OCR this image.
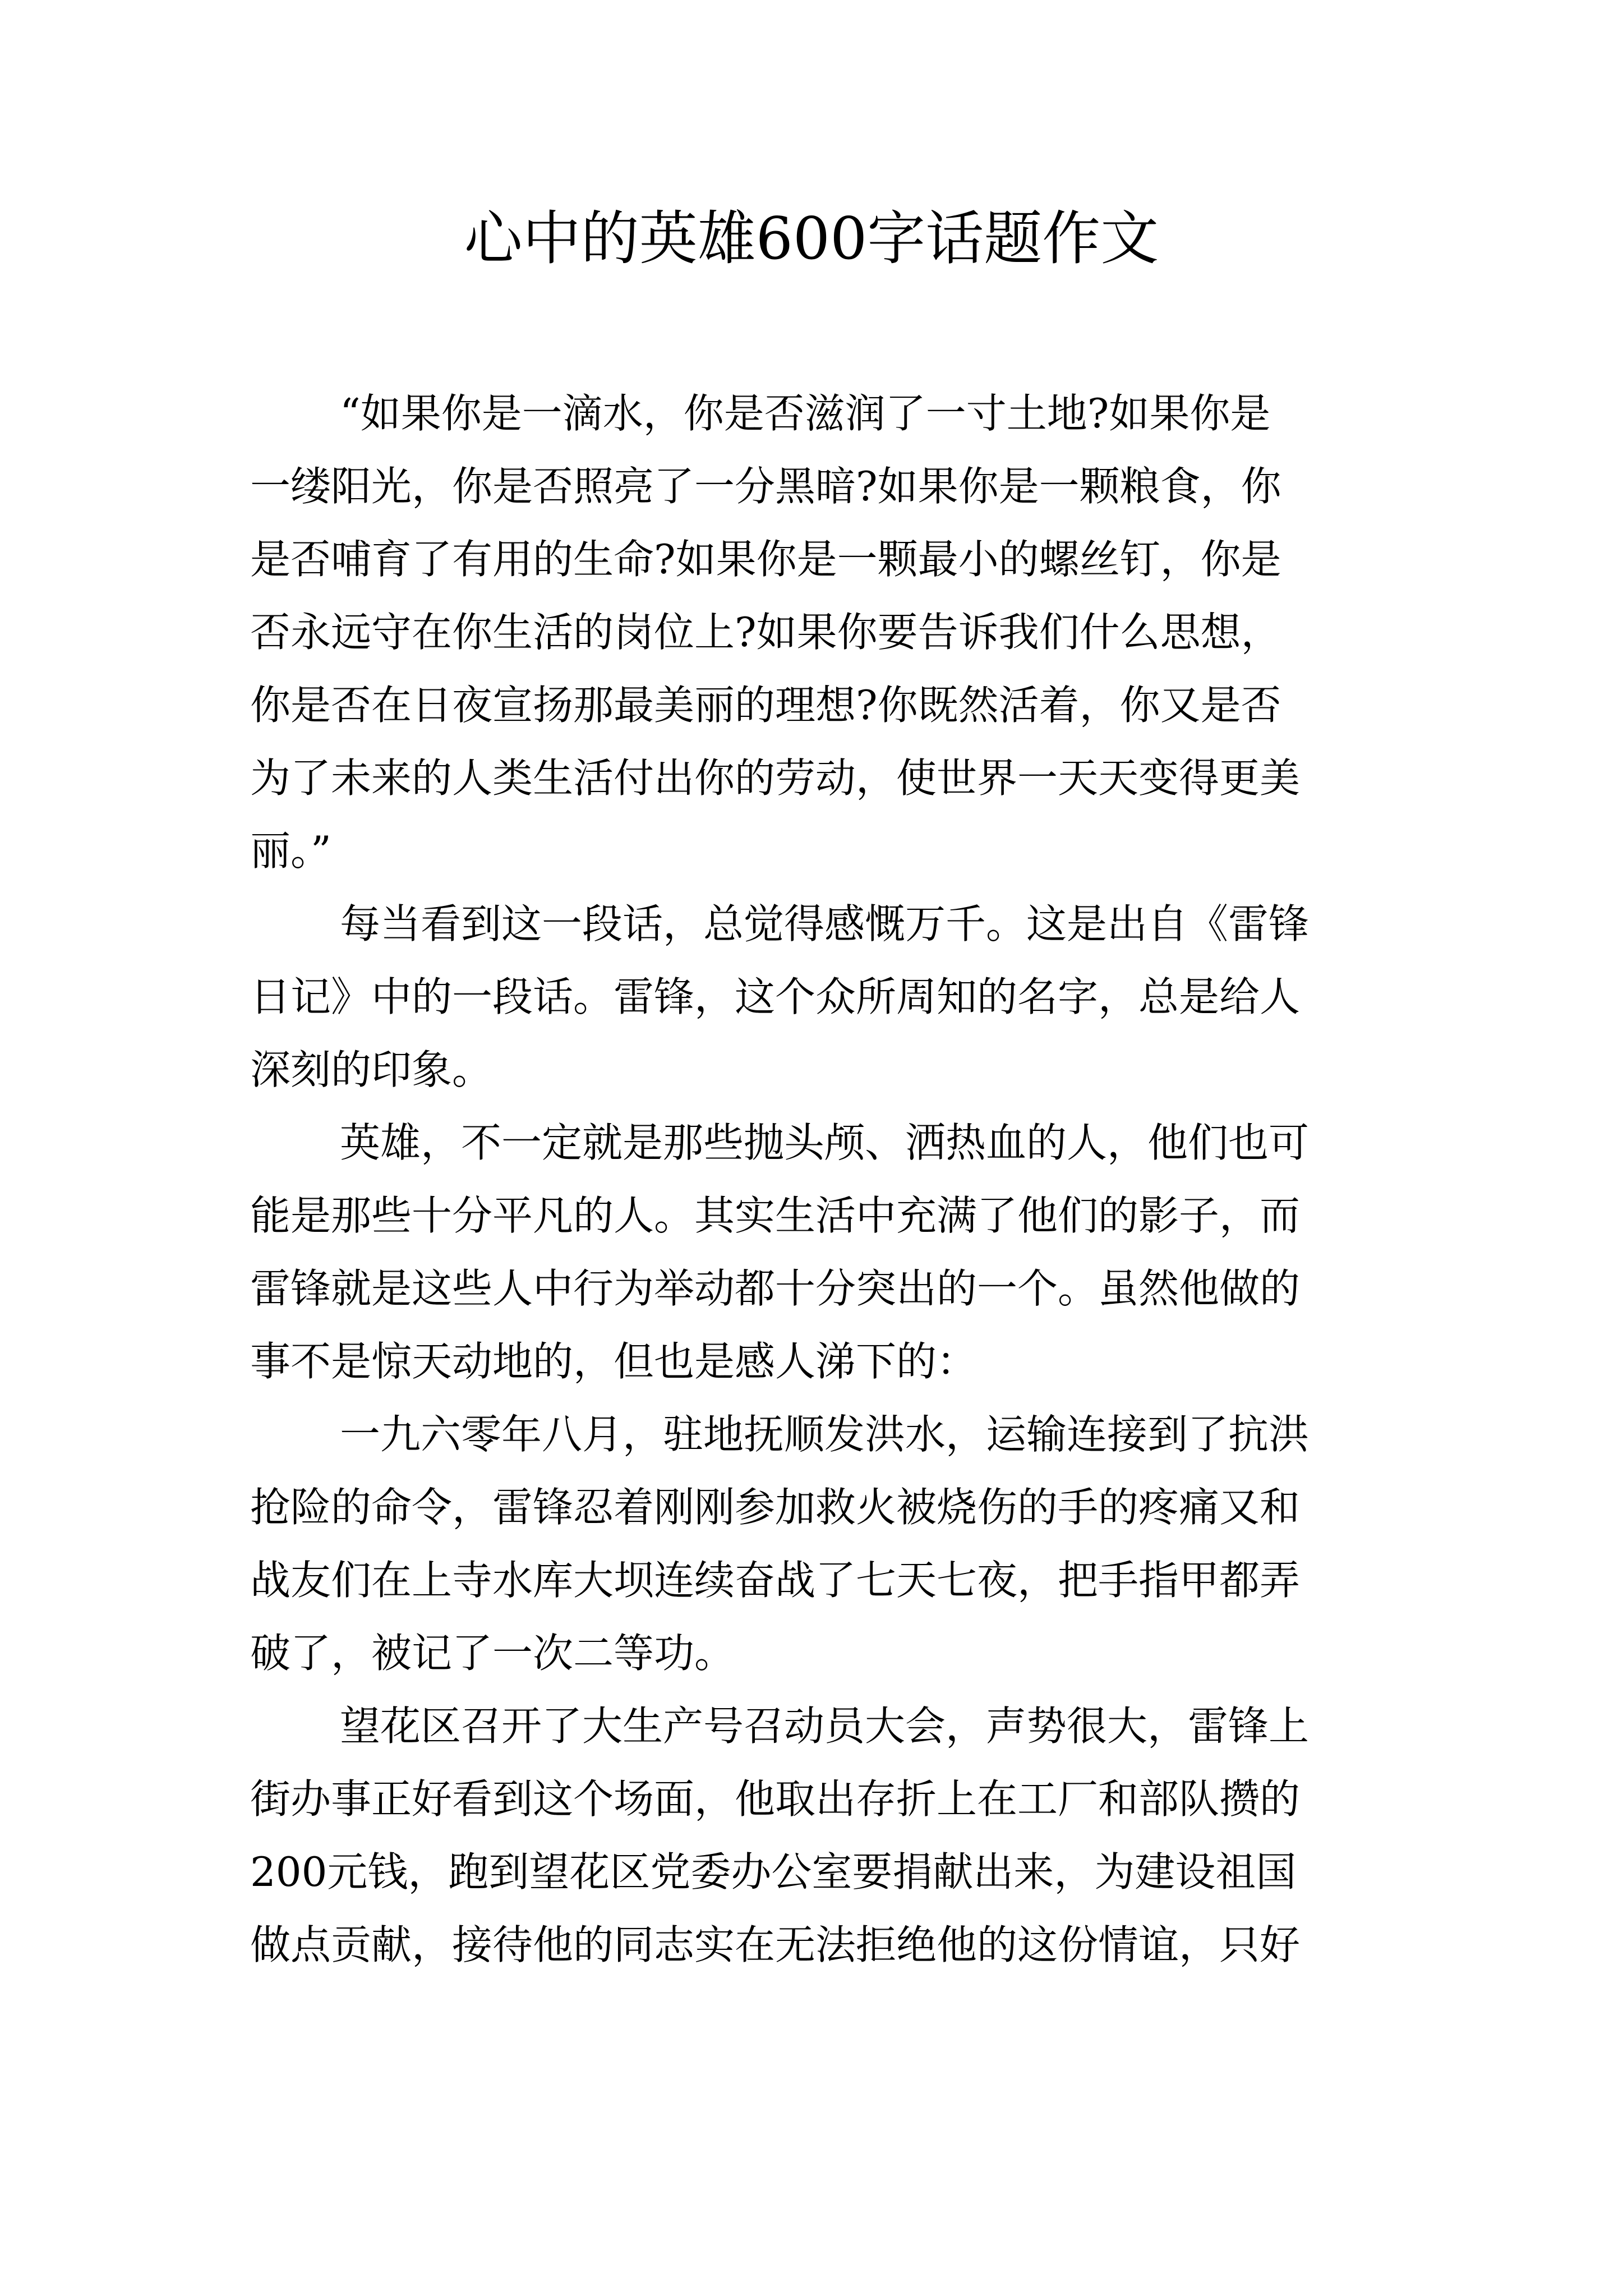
心中的英雄600字话题作文
“如果你是一滴水，你是否滋润了一寸土地?如果你是
一缕阳光，你是否照亮了一分黑暗?如果你是一颗粮食，你
是否哺育了有用的生命?如果你是一颗最小的螺丝钉，你是
否永远守在你生活的岗位上?如果你要告诉我们什么思想，
你是否在日夜宣扬那最美丽的理想?你既然活着，你又是否
为了未来的人类生活付出你的劳动，使世界一天天变得更美
丽。”
每当看到这一段话，总觉得感慨万千。这是出自《雷锋
日记》中的一段话。雷锋，这个众所周知的名字，总是给人
深刻的印象。
英雄，不一定就是那些抛头颅、洒热血的人，他们也可
能是那些十分平凡的人。其实生活中充满了他们的影子，而
雷锋就是这些人中行为举动都十分突出的一个。虽然他做的
事不是惊天动地的，但也是感人涕下的：
一九六零年八月，驻地抚顺发洪水，运输连接到了抗洪
抢险的命令，雷锋忍着刚刚参加救火被烧伤的手的疼痛又和
战友们在上寺水库大坝连续奋战了七天七夜，把手指甲都弄
破了，被记了一次二等功。
望花区召开了大生产号召动员大会，声势很大，雷锋上
街办事正好看到这个场面，他取出存折上在工厂和部队攒的
200元钱，跑到望花区党委办公室要捐献出来，为建设祖国
做点贡献，接待他的同志实在无法拒绝他的这份情谊，只好
